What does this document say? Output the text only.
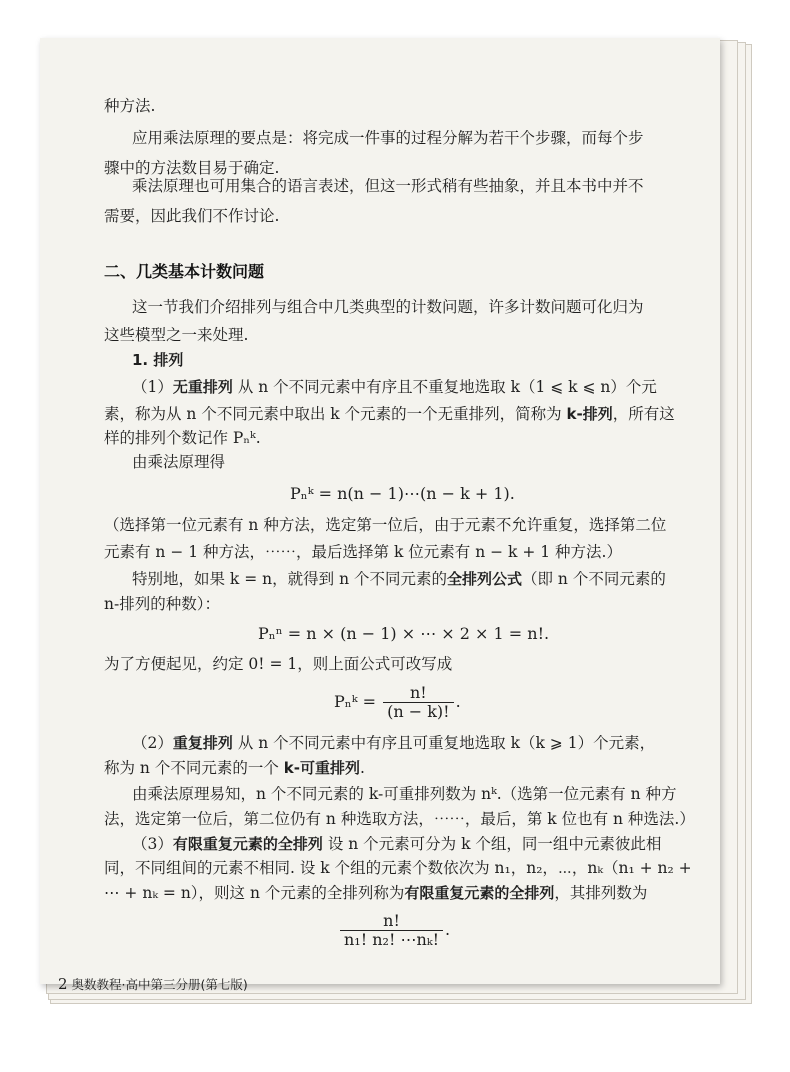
种方法.
应用乘法原理的要点是：将完成一件事的过程分解为若干个步骤，而每个步
骤中的方法数目易于确定.
乘法原理也可用集合的语言表述，但这一形式稍有些抽象，并且本书中并不
需要，因此我们不作讨论.
二、几类基本计数问题
这一节我们介绍排列与组合中几类典型的计数问题，许多计数问题可化归为
这些模型之一来处理.
1. 排列
（1）无重排列 从 n 个不同元素中有序且不重复地选取 k（1 ⩽ k ⩽ n）个元
素，称为从 n 个不同元素中取出 k 个元素的一个无重排列，简称为 k-排列，所有这
样的排列个数记作 Pₙᵏ.
由乘法原理得
Pₙᵏ = n(n − 1)⋯(n − k + 1).
（选择第一位元素有 n 种方法，选定第一位后，由于元素不允许重复，选择第二位
元素有 n − 1 种方法，⋯⋯，最后选择第 k 位元素有 n − k + 1 种方法.）
特别地，如果 k = n，就得到 n 个不同元素的全排列公式（即 n 个不同元素的
n-排列的种数）：
Pₙⁿ = n × (n − 1) × ⋯ × 2 × 1 = n!.
为了方便起见，约定 0! = 1，则上面公式可改写成
Pₙᵏ = $\frac{n!}{(n - k)!}$ .
（2）重复排列 从 n 个不同元素中有序且可重复地选取 k（k ⩾ 1）个元素，
称为 n 个不同元素的一个 k-可重排列.
由乘法原理易知，n 个不同元素的 k-可重排列数为 nᵏ.（选第一位元素有 n 种方
法，选定第一位后，第二位仍有 n 种选取方法，⋯⋯，最后，第 k 位也有 n 种选法.）
（3）有限重复元素的全排列 设 n 个元素可分为 k 个组，同一组中元素彼此相
同，不同组间的元素不相同. 设 k 个组的元素个数依次为 n₁，n₂，⋯，nₖ（n₁ + n₂ +
⋯ + nₖ = n），则这 n 个元素的全排列称为有限重复元素的全排列，其排列数为
$\frac{n!}{\text{n₁! n₂! ⋯nₖ!}}$ .
2 奥数教程·高中第三分册(第七版)
